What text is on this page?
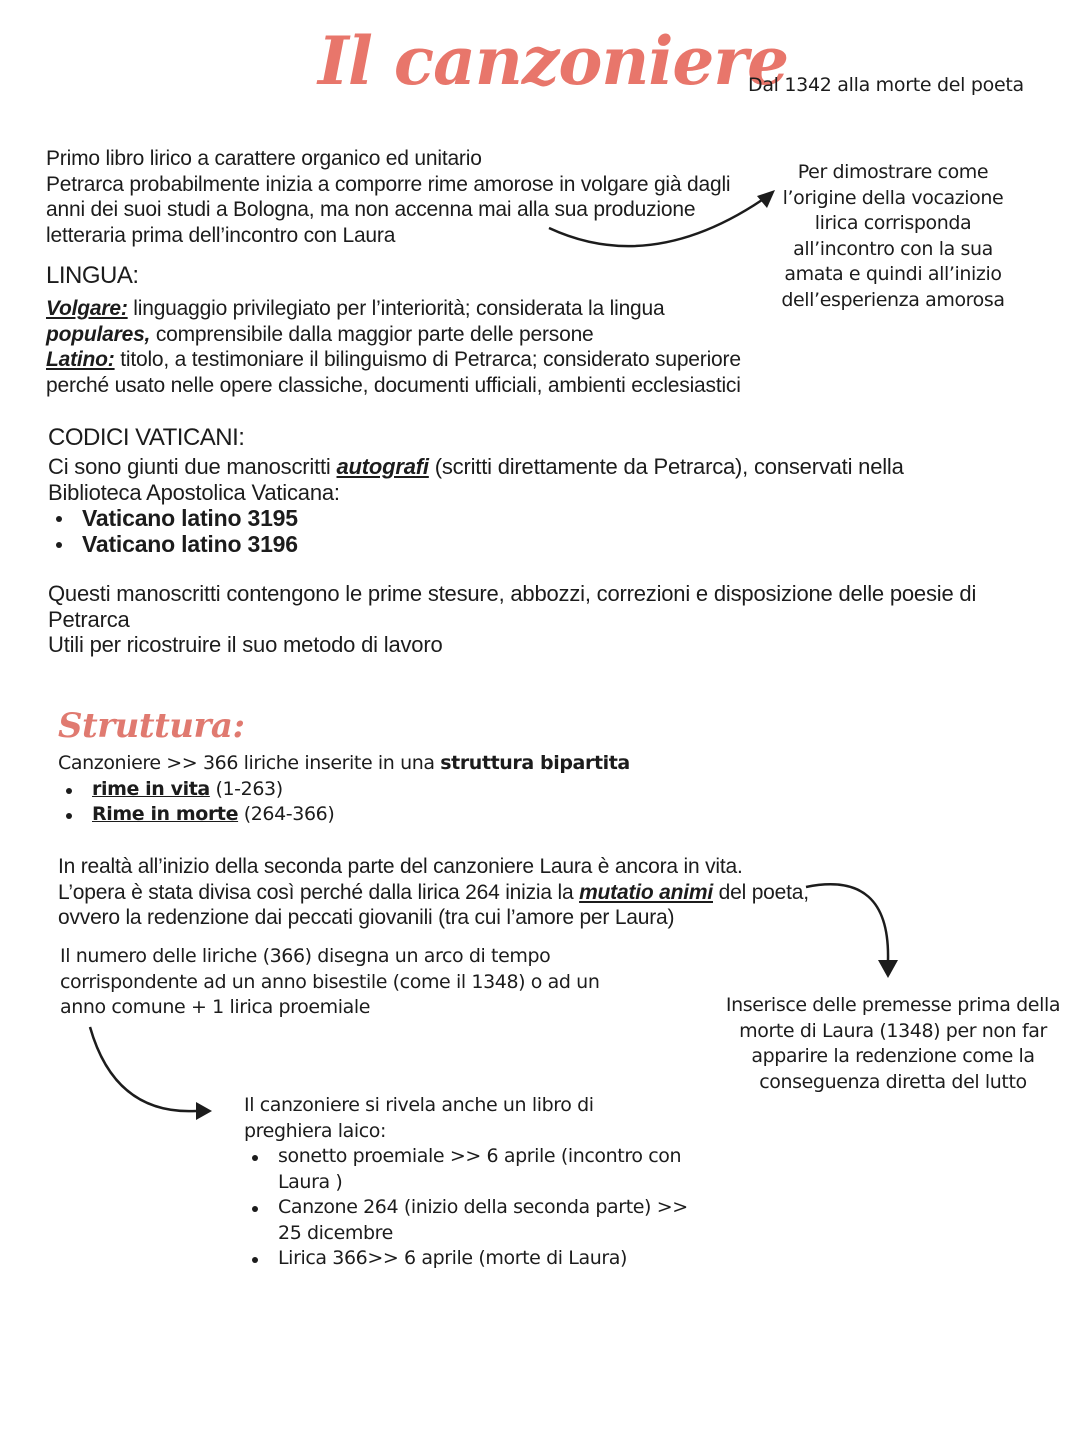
Il canzoniere
Dal 1342 alla morte del poeta
Primo libro lirico a carattere organico ed unitario
Petrarca probabilmente inizia a comporre rime amorose in volgare già dagli
anni dei suoi studi a Bologna, ma non accenna mai alla sua produzione
letteraria prima dell’incontro con Laura
Per dimostrare come
l’origine della vocazione
lirica corrisponda
all’incontro con la sua
amata e quindi all’inizio
dell’esperienza amorosa
LINGUA:
Volgare: linguaggio privilegiato per l’interiorità; considerata la lingua
populares, comprensibile dalla maggior parte delle persone
Latino: titolo, a testimoniare il bilinguismo di Petrarca; considerato superiore
perché usato nelle opere classiche, documenti ufficiali, ambienti ecclesiastici
CODICI VATICANI:
Ci sono giunti due manoscritti autografi (scritti direttamente da Petrarca), conservati nella
Biblioteca Apostolica Vaticana:
Vaticano latino 3195
Vaticano latino 3196
Questi manoscritti contengono le prime stesure, abbozzi, correzioni e disposizione delle poesie di
Petrarca
Utili per ricostruire il suo metodo di lavoro
Struttura:
Canzoniere >> 366 liriche inserite in una struttura bipartita
rime in vita (1-263)
Rime in morte (264-366)
In realtà all’inizio della seconda parte del canzoniere Laura è ancora in vita.
L’opera è stata divisa così perché dalla lirica 264 inizia la mutatio animi del poeta,
ovvero la redenzione dai peccati giovanili (tra cui l’amore per Laura)
Il numero delle liriche (366) disegna un arco di tempo
corrispondente ad un anno bisestile (come il 1348) o ad un
anno comune + 1 lirica proemiale	Inserisce delle premesse prima della
morte di Laura (1348) per non far
apparire la redenzione come la
conseguenza diretta del lutto
Il canzoniere si rivela anche un libro di
preghiera laico:
sonetto proemiale >> 6 aprile (incontro con
Laura )
Canzone 264 (inizio della seconda parte) >>
25 dicembre
Lirica 366>> 6 aprile (morte di Laura)
